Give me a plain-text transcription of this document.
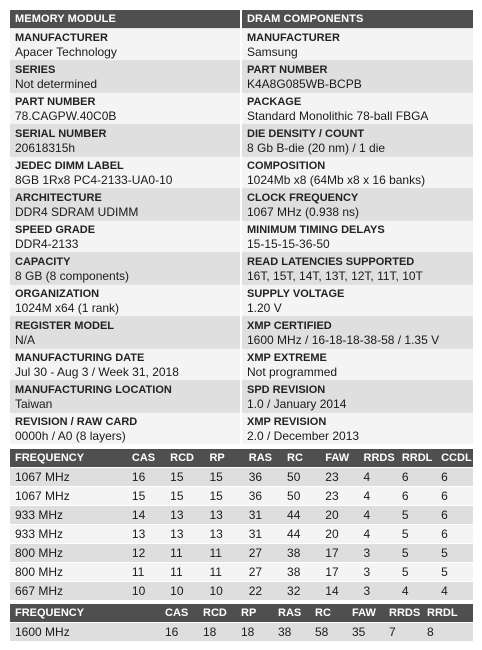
MEMORY MODULE
MANUFACTURER
Apacer Technology
SERIES
Not determined
PART NUMBER
78.CAGPW.40C0B
SERIAL NUMBER
20618315h
JEDEC DIMM LABEL
8GB 1Rx8 PC4-2133-UA0-10
ARCHITECTURE
DDR4 SDRAM UDIMM
SPEED GRADE
DDR4-2133
CAPACITY
8 GB (8 components)
ORGANIZATION
1024M x64 (1 rank)
REGISTER MODEL
N/A
MANUFACTURING DATE
Jul 30 - Aug 3 / Week 31, 2018
MANUFACTURING LOCATION
Taiwan
REVISION / RAW CARD
0000h / A0 (8 layers)
DRAM COMPONENTS
MANUFACTURER
Samsung
PART NUMBER
K4A8G085WB-BCPB
PACKAGE
Standard Monolithic 78-ball FBGA
DIE DENSITY / COUNT
8 Gb B-die (20 nm) / 1 die
COMPOSITION
1024Mb x8 (64Mb x8 x 16 banks)
CLOCK FREQUENCY
1067 MHz (0.938 ns)
MINIMUM TIMING DELAYS
15-15-15-36-50
READ LATENCIES SUPPORTED
16T, 15T, 14T, 13T, 12T, 11T, 10T
SUPPLY VOLTAGE
1.20 V
XMP CERTIFIED
1600 MHz / 16-18-18-38-58 / 1.35 V
XMP EXTREME
Not programmed
SPD REVISION
1.0 / January 2014
XMP REVISION
2.0 / December 2013
FREQUENCY	CAS	RCD	RP	RAS	RC	FAW	RRDS	RRDL	CCDL
1067 MHz	16	15	15	36	50	23	4	6	6
1067 MHz	15	15	15	36	50	23	4	6	6
933 MHz	14	13	13	31	44	20	4	5	6
933 MHz	13	13	13	31	44	20	4	5	6
800 MHz	12	11	11	27	38	17	3	5	5
800 MHz	11	11	11	27	38	17	3	5	5
667 MHz	10	10	10	22	32	14	3	4	4
FREQUENCY	CAS	RCD	RP	RAS	RC	FAW	RRDS	RRDL
1600 MHz	16	18	18	38	58	35	7	8
